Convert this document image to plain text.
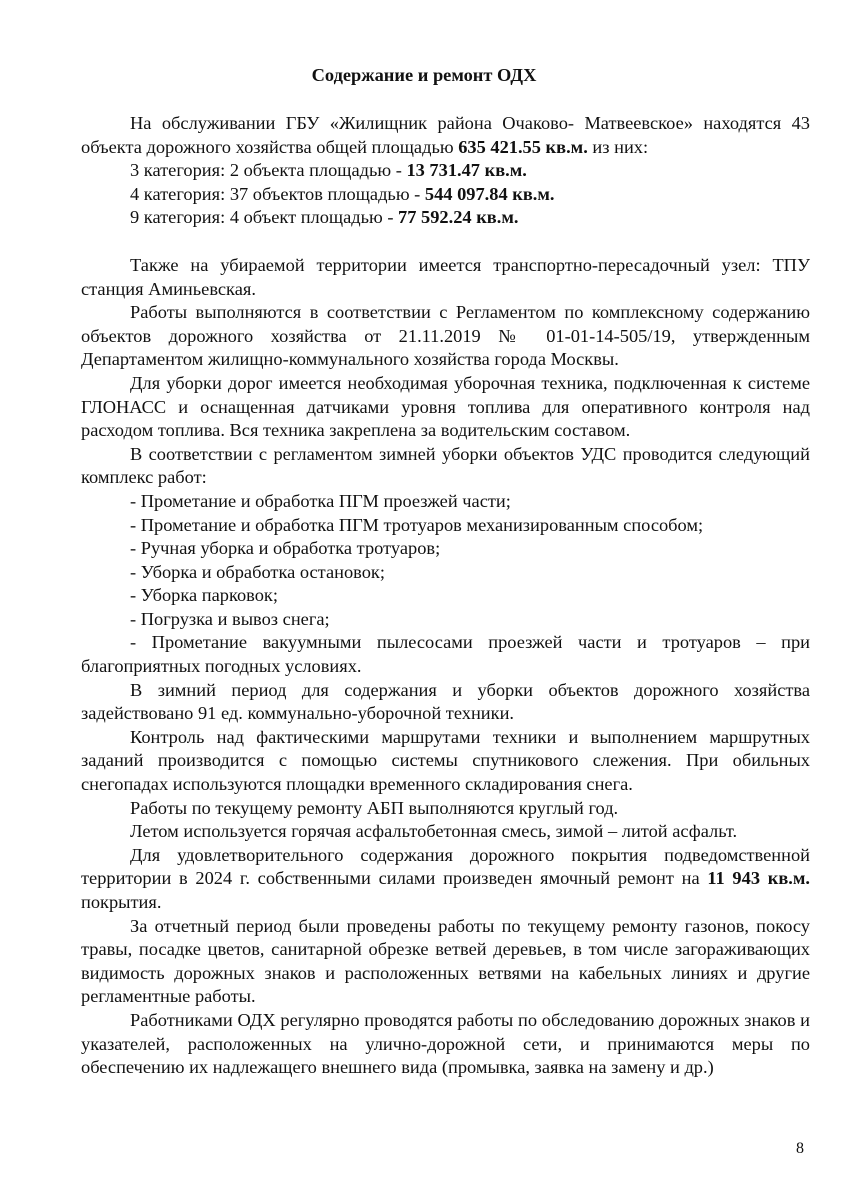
Содержание и ремонт ОДХ

На обслуживании ГБУ «Жилищник района Очаково- Матвеевское» находятся 43 объекта дорожного хозяйства общей площадью 635 421.55 кв.м. из них:

3 категория: 2 объекта площадью - 13 731.47 кв.м.

4 категория: 37 объектов площадью - 544 097.84 кв.м.

9 категория: 4 объект площадью - 77 592.24 кв.м.

Также на убираемой территории имеется транспортно-пересадочный узел: ТПУ станция Аминьевская.

Работы выполняются в соответствии с Регламентом по комплексному содержанию объектов дорожного хозяйства от 21.11.2019 № 01-01-14-505/19, утвержденным Департаментом жилищно-коммунального хозяйства города Москвы.

Для уборки дорог имеется необходимая уборочная техника, подключенная к системе ГЛОНАСС и оснащенная датчиками уровня топлива для оперативного контроля над расходом топлива. Вся техника закреплена за водительским составом.

В соответствии с регламентом зимней уборки объектов УДС проводится следующий комплекс работ:

- Прометание и обработка ПГМ проезжей части;

- Прометание и обработка ПГМ тротуаров механизированным способом;

- Ручная уборка и обработка тротуаров;

- Уборка и обработка остановок;

- Уборка парковок;

- Погрузка и вывоз снега;

- Прометание вакуумными пылесосами проезжей части и тротуаров – при благоприятных погодных условиях.

В зимний период для содержания и уборки объектов дорожного хозяйства задействовано 91 ед. коммунально-уборочной техники.

Контроль над фактическими маршрутами техники и выполнением маршрутных заданий производится с помощью системы спутникового слежения. При обильных снегопадах используются площадки временного складирования снега.

Работы по текущему ремонту АБП выполняются круглый год.

Летом используется горячая асфальтобетонная смесь, зимой – литой асфальт.

Для удовлетворительного содержания дорожного покрытия подведомственной территории в 2024 г. собственными силами произведен ямочный ремонт на 11 943 кв.м. покрытия.

За отчетный период были проведены работы по текущему ремонту газонов, покосу травы, посадке цветов, санитарной обрезке ветвей деревьев, в том числе загораживающих видимость дорожных знаков и расположенных ветвями на кабельных линиях и другие регламентные работы.

Работниками ОДХ регулярно проводятся работы по обследованию дорожных знаков и указателей, расположенных на улично-дорожной сети, и принимаются меры по обеспечению их надлежащего внешнего вида (промывка, заявка на замену и др.)

8
